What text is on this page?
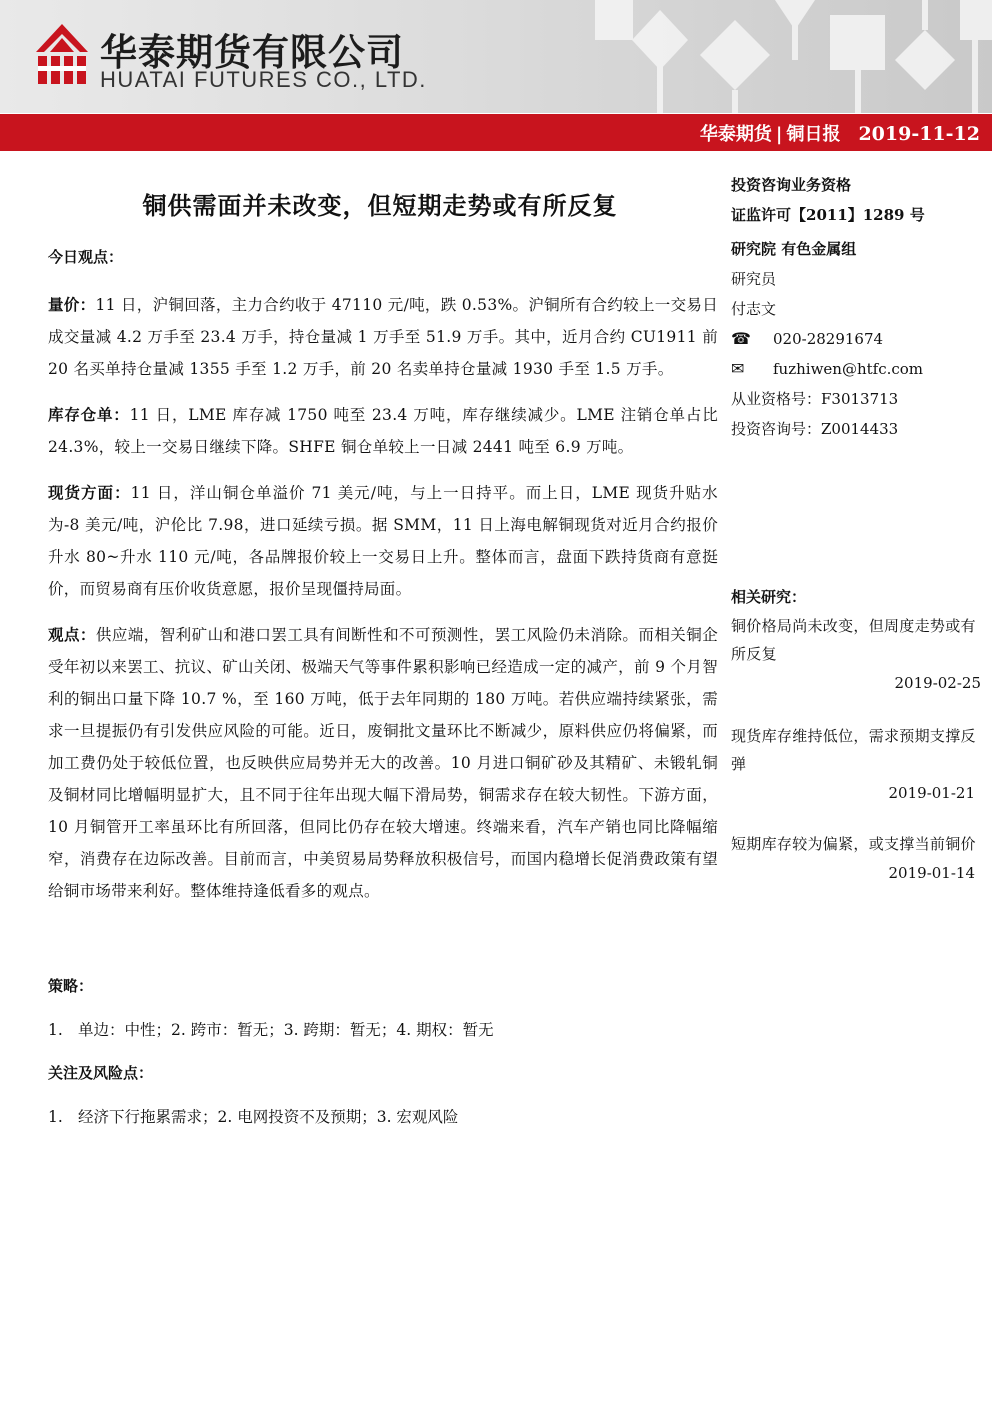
华泰期货有限公司
HUATAI FUTURES CO., LTD.
华泰期货 | 铜日报 2019-11-12
铜供需面并未改变，但短期走势或有所反复
今日观点：

量价：11 日，沪铜回落，主力合约收于 47110 元/吨，跌 0.53%。沪铜所有合约较上一交易日成交量减 4.2 万手至 23.4 万手，持仓量减 1 万手至 51.9 万手。其中，近月合约 CU1911 前 20 名买单持仓量减 1355 手至 1.2 万手，前 20 名卖单持仓量减 1930 手至 1.5 万手。

库存仓单：11 日，LME 库存减 1750 吨至 23.4 万吨，库存继续减少。LME 注销仓单占比 24.3%，较上一交易日继续下降。SHFE 铜仓单较上一日减 2441 吨至 6.9 万吨。

现货方面：11 日，洋山铜仓单溢价 71 美元/吨，与上一日持平。而上日，LME 现货升贴水为-8 美元/吨，沪伦比 7.98，进口延续亏损。据 SMM，11 日上海电解铜现货对近月合约报价升水 80~升水 110 元/吨，各品牌报价较上一交易日上升。整体而言，盘面下跌持货商有意挺价，而贸易商有压价收货意愿，报价呈现僵持局面。

观点：供应端，智利矿山和港口罢工具有间断性和不可预测性，罢工风险仍未消除。而相关铜企受年初以来罢工、抗议、矿山关闭、极端天气等事件累积影响已经造成一定的减产，前 9 个月智利的铜出口量下降 10.7 %，至 160 万吨，低于去年同期的 180 万吨。若供应端持续紧张，需求一旦提振仍有引发供应风险的可能。近日，废铜批文量环比不断减少，原料供应仍将偏紧，而加工费仍处于较低位置，也反映供应局势并无大的改善。10 月进口铜矿砂及其精矿、未锻轧铜及铜材同比增幅明显扩大，且不同于往年出现大幅下滑局势，铜需求存在较大韧性。下游方面，10 月铜管开工率虽环比有所回落，但同比仍存在较大增速。终端来看，汽车产销也同比降幅缩窄，消费存在边际改善。目前而言，中美贸易局势释放积极信号，而国内稳增长促消费政策有望给铜市场带来利好。整体维持逢低看多的观点。

策略：
1. 单边：中性；2. 跨市：暂无；3. 跨期：暂无；4. 期权：暂无
关注及风险点：
1. 经济下行拖累需求；2. 电网投资不及预期；3. 宏观风险
投资咨询业务资格
证监许可【2011】1289 号
研究院 有色金属组
研究员
付志文
☎ 020-28291674
✉ fuzhiwen@htfc.com
从业资格号：F3013713
投资咨询号：Z0014433
相关研究：
铜价格局尚未改变，但周度走势或有所反复
2019-02-25
现货库存维持低位，需求预期支撑反弹
2019-01-21
短期库存较为偏紧，或支撑当前铜价
2019-01-14
